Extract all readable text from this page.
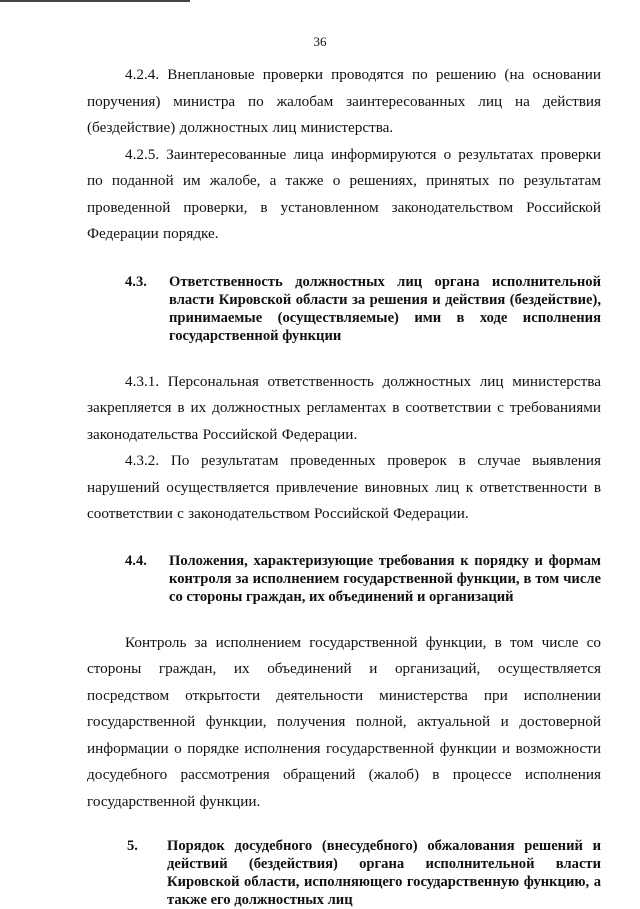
36

4.2.4. Внеплановые проверки проводятся по решению (на основании поручения) министра по жалобам заинтересованных лиц на действия (бездействие) должностных лиц министерства.

4.2.5. Заинтересованные лица информируются о результатах проверки по поданной им жалобе, а также о решениях, принятых по результатам проведенной проверки, в установленном законодательством Российской Федерации порядке.

4.3.	Ответственность должностных лиц органа исполнительной власти Кировской области за решения и действия (бездействие), принимаемые (осуществляемые) ими в ходе исполнения государственной функции

4.3.1. Персональная ответственность должностных лиц министерства закрепляется в их должностных регламентах в соответствии с требованиями законодательства Российской Федерации.

4.3.2. По результатам проведенных проверок в случае выявления нарушений осуществляется привлечение виновных лиц к ответственности в соответствии с законодательством Российской Федерации.

4.4.	Положения, характеризующие требования к порядку и формам контроля за исполнением государственной функции, в том числе со стороны граждан, их объединений и организаций

Контроль за исполнением государственной функции, в том числе со стороны граждан, их объединений и организаций, осуществляется посредством открытости деятельности министерства при исполнении государственной функции, получения полной, актуальной и достоверной информации о порядке исполнения государственной функции и возможности досудебного рассмотрения обращений (жалоб) в процессе исполнения государственной функции.

5.	Порядок досудебного (внесудебного) обжалования решений и действий (бездействия) органа исполнительной власти Кировской области, исполняющего государственную функцию, а также его должностных лиц
